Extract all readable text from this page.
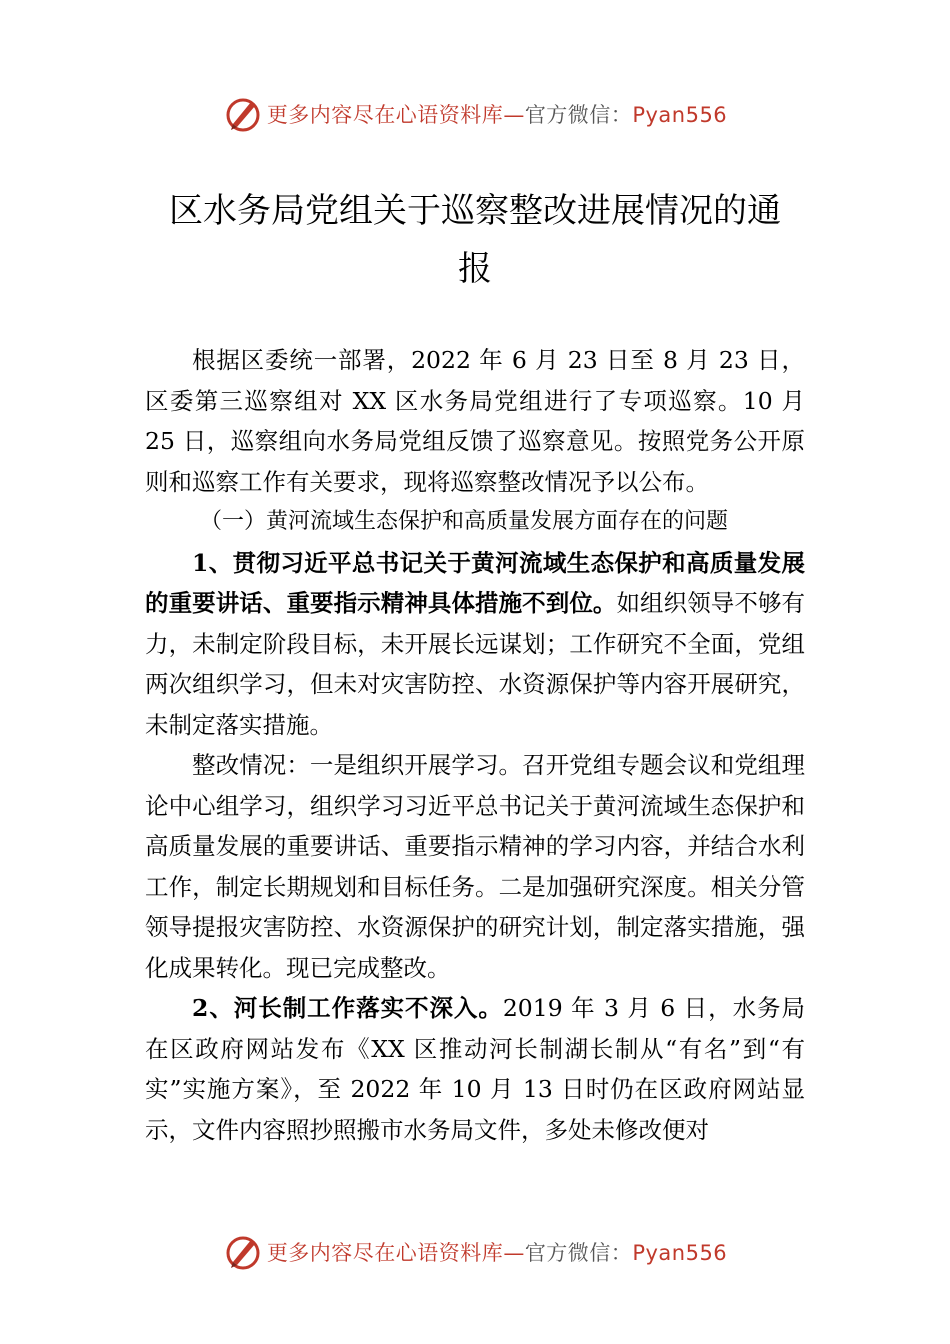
更多内容尽在心语资料库—官方微信：Pyan556
区水务局党组关于巡察整改进展情况的通
报

根据区委统一部署，2022 年 6 月 23 日至 8 月 23 日，区委第三巡察组对 XX 区水务局党组进行了专项巡察。10 月 25 日，巡察组向水务局党组反馈了巡察意见。按照党务公开原则和巡察工作有关要求，现将巡察整改情况予以公布。

（一）黄河流域生态保护和高质量发展方面存在的问题

1、贯彻习近平总书记关于黄河流域生态保护和高质量发展的重要讲话、重要指示精神具体措施不到位。如组织领导不够有力，未制定阶段目标，未开展长远谋划；工作研究不全面，党组两次组织学习，但未对灾害防控、水资源保护等内容开展研究，未制定落实措施。

整改情况：一是组织开展学习。召开党组专题会议和党组理论中心组学习，组织学习习近平总书记关于黄河流域生态保护和高质量发展的重要讲话、重要指示精神的学习内容，并结合水利工作，制定长期规划和目标任务。二是加强研究深度。相关分管领导提报灾害防控、水资源保护的研究计划，制定落实措施，强化成果转化。现已完成整改。

2、河长制工作落实不深入。2019 年 3 月 6 日，水务局在区政府网站发布《XX 区推动河长制湖长制从“有名”到“有实”实施方案》，至 2022 年 10 月 13 日时仍在区政府网站显示，文件内容照抄照搬市水务局文件，多处未修改便对

更多内容尽在心语资料库—官方微信：Pyan556
